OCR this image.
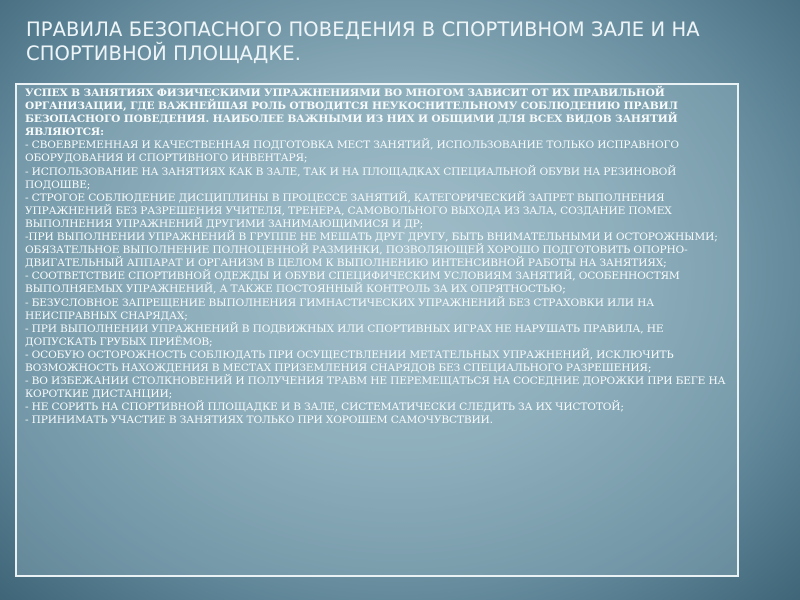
ПРАВИЛА БЕЗОПАСНОГО ПОВЕДЕНИЯ В СПОРТИВНОМ ЗАЛЕ И НА СПОРТИВНОЙ ПЛОЩАДКЕ.
УСПЕХ В ЗАНЯТИЯХ ФИЗИЧЕСКИМИ УПРАЖНЕНИЯМИ ВО МНОГОМ ЗАВИСИТ ОТ ИХ ПРАВИЛЬНОЙ ОРГАНИЗАЦИИ, ГДЕ ВАЖНЕЙШАЯ РОЛЬ ОТВОДИТСЯ НЕУКОСНИТЕЛЬНОМУ СОБЛЮДЕНИЮ ПРАВИЛ БЕЗОПАСНОГО ПОВЕДЕНИЯ. НАИБОЛЕЕ ВАЖНЫМИ ИЗ НИХ И ОБЩИМИ ДЛЯ ВСЕХ ВИДОВ ЗАНЯТИЙ ЯВЛЯЮТСЯ:
- СВОЕВРЕМЕННАЯ И КАЧЕСТВЕННАЯ ПОДГОТОВКА МЕСТ ЗАНЯТИЙ, ИСПОЛЬЗОВАНИЕ ТОЛЬКО ИСПРАВНОГО ОБОРУДОВАНИЯ И СПОРТИВНОГО ИНВЕНТАРЯ;
- ИСПОЛЬЗОВАНИЕ НА ЗАНЯТИЯХ КАК В ЗАЛЕ, ТАК И НА ПЛОЩАДКАХ СПЕЦИАЛЬНОЙ ОБУВИ НА РЕЗИНОВОЙ ПОДОШВЕ;
- СТРОГОЕ СОБЛЮДЕНИЕ ДИСЦИПЛИНЫ В ПРОЦЕССЕ ЗАНЯТИЙ, КАТЕГОРИЧЕСКИЙ ЗАПРЕТ ВЫПОЛНЕНИЯ УПРАЖНЕНИЙ БЕЗ РАЗРЕШЕНИЯ УЧИТЕЛЯ, ТРЕНЕРА, САМОВОЛЬНОГО ВЫХОДА ИЗ ЗАЛА, СОЗДАНИЕ ПОМЕХ ВЫПОЛНЕНИЯ УПРАЖНЕНИЙ ДРУГИМИ ЗАНИМАЮЩИМИСЯ И ДР;
-ПРИ ВЫПОЛНЕНИИ УПРАЖНЕНИЙ В ГРУППЕ НЕ МЕШАТЬ ДРУГ ДРУГУ, БЫТЬ ВНИМАТЕЛЬНЫМИ И ОСТОРОЖНЫМИ;
ОБЯЗАТЕЛЬНОЕ ВЫПОЛНЕНИЕ ПОЛНОЦЕННОЙ РАЗМИНКИ, ПОЗВОЛЯЮЩЕЙ ХОРОШО ПОДГОТОВИТЬ ОПОРНО-ДВИГАТЕЛЬНЫЙ АППАРАТ И ОРГАНИЗМ В ЦЕЛОМ К ВЫПОЛНЕНИЮ ИНТЕНСИВНОЙ РАБОТЫ НА ЗАНЯТИЯХ;
- СООТВЕТСТВИЕ СПОРТИВНОЙ ОДЕЖДЫ И ОБУВИ СПЕЦИФИЧЕСКИМ УСЛОВИЯМ ЗАНЯТИЙ, ОСОБЕННОСТЯМ ВЫПОЛНЯЕМЫХ УПРАЖНЕНИЙ, А ТАКЖЕ ПОСТОЯННЫЙ КОНТРОЛЬ ЗА ИХ ОПРЯТНОСТЬЮ;
- БЕЗУСЛОВНОЕ ЗАПРЕЩЕНИЕ ВЫПОЛНЕНИЯ ГИМНАСТИЧЕСКИХ УПРАЖНЕНИЙ БЕЗ СТРАХОВКИ ИЛИ НА НЕИСПРАВНЫХ СНАРЯДАХ;
- ПРИ ВЫПОЛНЕНИИ УПРАЖНЕНИЙ В ПОДВИЖНЫХ ИЛИ СПОРТИВНЫХ ИГРАХ НЕ НАРУШАТЬ ПРАВИЛА, НЕ ДОПУСКАТЬ ГРУБЫХ ПРИЁМОВ;
- ОСОБУЮ ОСТОРОЖНОСТЬ СОБЛЮДАТЬ ПРИ ОСУЩЕСТВЛЕНИИ МЕТАТЕЛЬНЫХ УПРАЖНЕНИЙ, ИСКЛЮЧИТЬ ВОЗМОЖНОСТЬ НАХОЖДЕНИЯ В МЕСТАХ ПРИЗЕМЛЕНИЯ СНАРЯДОВ БЕЗ СПЕЦИАЛЬНОГО РАЗРЕШЕНИЯ;
- ВО ИЗБЕЖАНИИ СТОЛКНОВЕНИЙ И ПОЛУЧЕНИЯ ТРАВМ НЕ ПЕРЕМЕЩАТЬСЯ НА СОСЕДНИЕ ДОРОЖКИ ПРИ БЕГЕ НА КОРОТКИЕ ДИСТАНЦИИ;
- НЕ СОРИТЬ НА СПОРТИВНОЙ ПЛОЩАДКЕ И В ЗАЛЕ, СИСТЕМАТИЧЕСКИ СЛЕДИТЬ ЗА ИХ ЧИСТОТОЙ;
- ПРИНИМАТЬ УЧАСТИЕ В ЗАНЯТИЯХ ТОЛЬКО ПРИ ХОРОШЕМ САМОЧУВСТВИИ.
